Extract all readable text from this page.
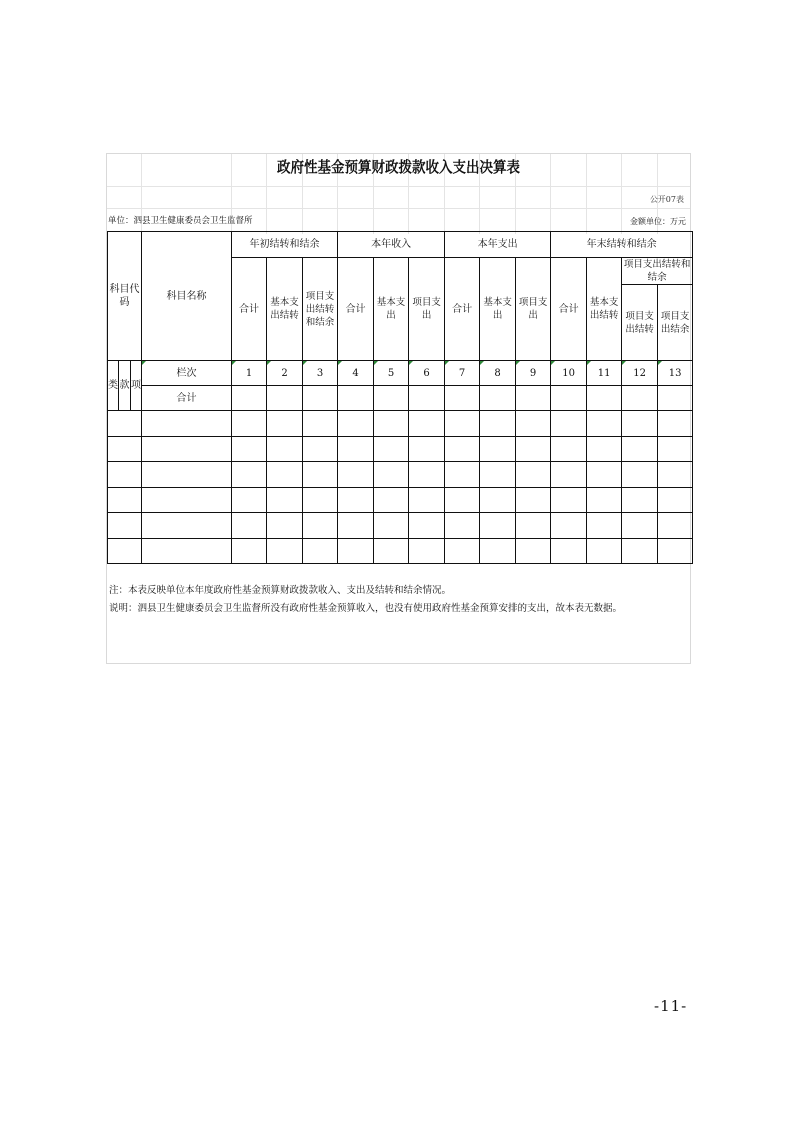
政府性基金预算财政拨款收入支出决算表
公开07表
单位：泗县卫生健康委员会卫生监督所	金额单位：万元
科目代码			科目名称	年初结转和结余			本年收入			本年支出			年末结转和结余			
				合计	基本支出结转	项目支出结转和结余	合计	基本支出	项目支出	合计	基本支出	项目支出	合计	基本支出结转	项目支出结转和结余	
															项目支出结转	项目支出结余
类	款	项	栏次	1	2	3	4	5	6	7	8	9	10	11	12	13
			合计													

注：本表反映单位本年度政府性基金预算财政拨款收入、支出及结转和结余情况。
说明：泗县卫生健康委员会卫生监督所没有政府性基金预算收入，也没有使用政府性基金预算安排的支出，故本表无数据。
-11-
